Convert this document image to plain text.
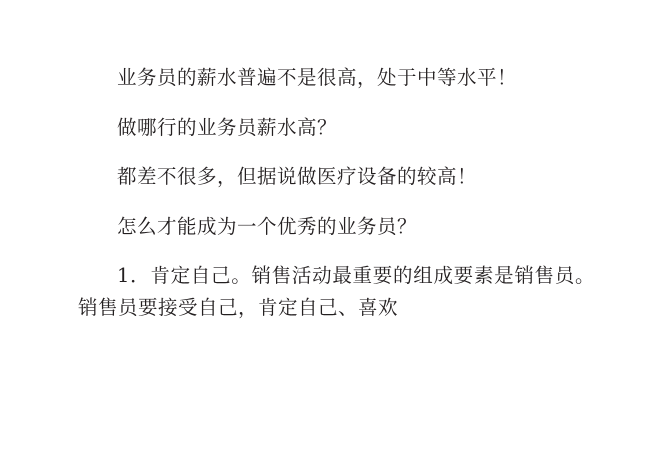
业务员的薪水普遍不是很高，处于中等水平！

做哪行的业务员薪水高？

都差不很多，但据说做医疗设备的较高！

怎么才能成为一个优秀的业务员？

1．肯定自己。销售活动最重要的组成要素是销售员。销售员要接受自己，肯定自己、喜欢
